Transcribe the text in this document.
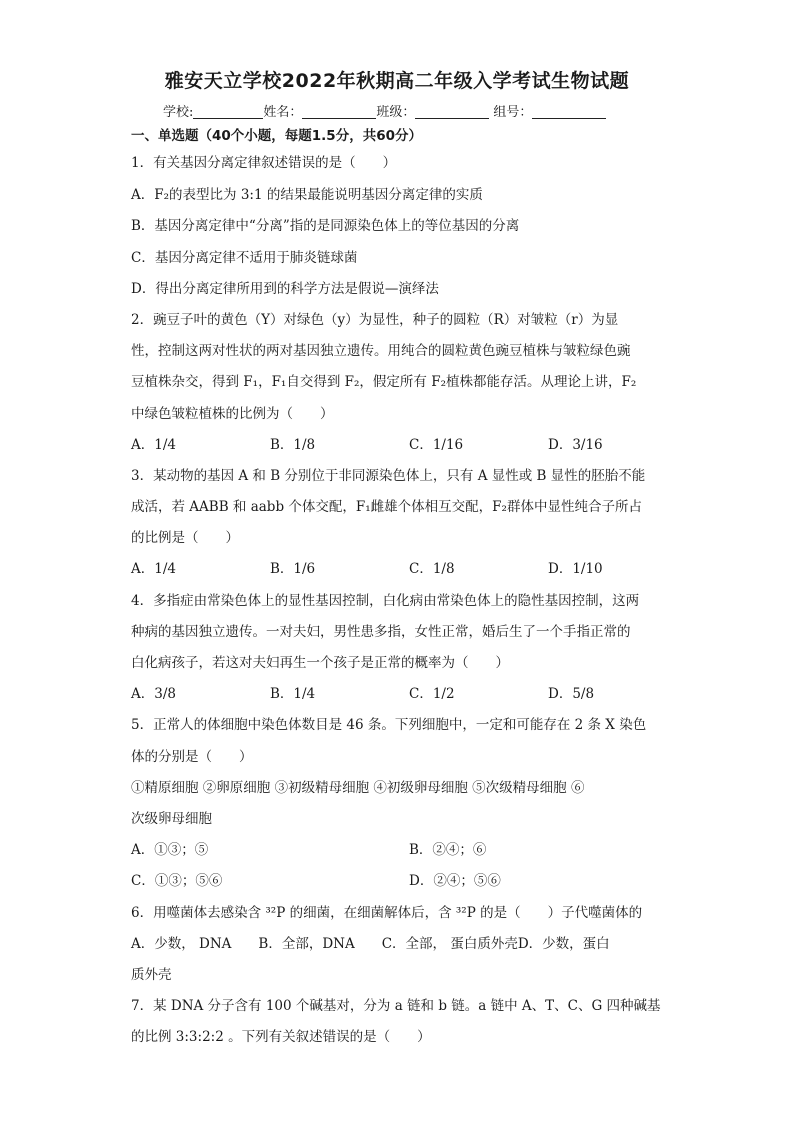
雅安天立学校2022年秋期高二年级入学考试生物试题
学校:	姓名：	班级：	组号：
一、单选题（40个小题，每题1.5分，共60分）
1．有关基因分离定律叙述错误的是（　　）
A．F₂的表型比为 3:1 的结果最能说明基因分离定律的实质
B．基因分离定律中“分离”指的是同源染色体上的等位基因的分离
C．基因分离定律不适用于肺炎链球菌
D．得出分离定律所用到的科学方法是假说—演绎法
2．豌豆子叶的黄色（Y）对绿色（y）为显性，种子的圆粒（R）对皱粒（r）为显
性，控制这两对性状的两对基因独立遗传。用纯合的圆粒黄色豌豆植株与皱粒绿色豌
豆植株杂交，得到 F₁，F₁自交得到 F₂，假定所有 F₂植株都能存活。从理论上讲，F₂
中绿色皱粒植株的比例为（　　）
A．1/4	B．1/8	C．1/16	D．3/16
3．某动物的基因 A 和 B 分别位于非同源染色体上，只有 A 显性或 B 显性的胚胎不能
成活，若 AABB 和 aabb 个体交配，F₁雌雄个体相互交配，F₂群体中显性纯合子所占
的比例是（　　）
A．1/4	B．1/6	C．1/8	D．1/10
4．多指症由常染色体上的显性基因控制，白化病由常染色体上的隐性基因控制，这两
种病的基因独立遗传。一对夫妇，男性患多指，女性正常，婚后生了一个手指正常的
白化病孩子，若这对夫妇再生一个孩子是正常的概率为（　　）
A．3/8	B．1/4	C．1/2	D．5/8
5．正常人的体细胞中染色体数目是 46 条。下列细胞中，一定和可能存在 2 条 X 染色
体的分别是（　　）
①精原细胞 ②卵原细胞 ③初级精母细胞 ④初级卵母细胞 ⑤次级精母细胞 ⑥
次级卵母细胞
A．①③；⑤	B．②④；⑥
C．①③；⑤⑥	D．②④；⑤⑥
6．用噬菌体去感染含 ³²P 的细菌，在细菌解体后，含 ³²P 的是（　　）子代噬菌体的
A．少数， DNA　　B．全部，DNA　　C．全部， 蛋白质外壳D．少数，蛋白
质外壳
7．某 DNA 分子含有 100 个碱基对，分为 a 链和 b 链。a 链中 A、T、C、G 四种碱基
的比例 3:3:2:2 。下列有关叙述错误的是（　　）
